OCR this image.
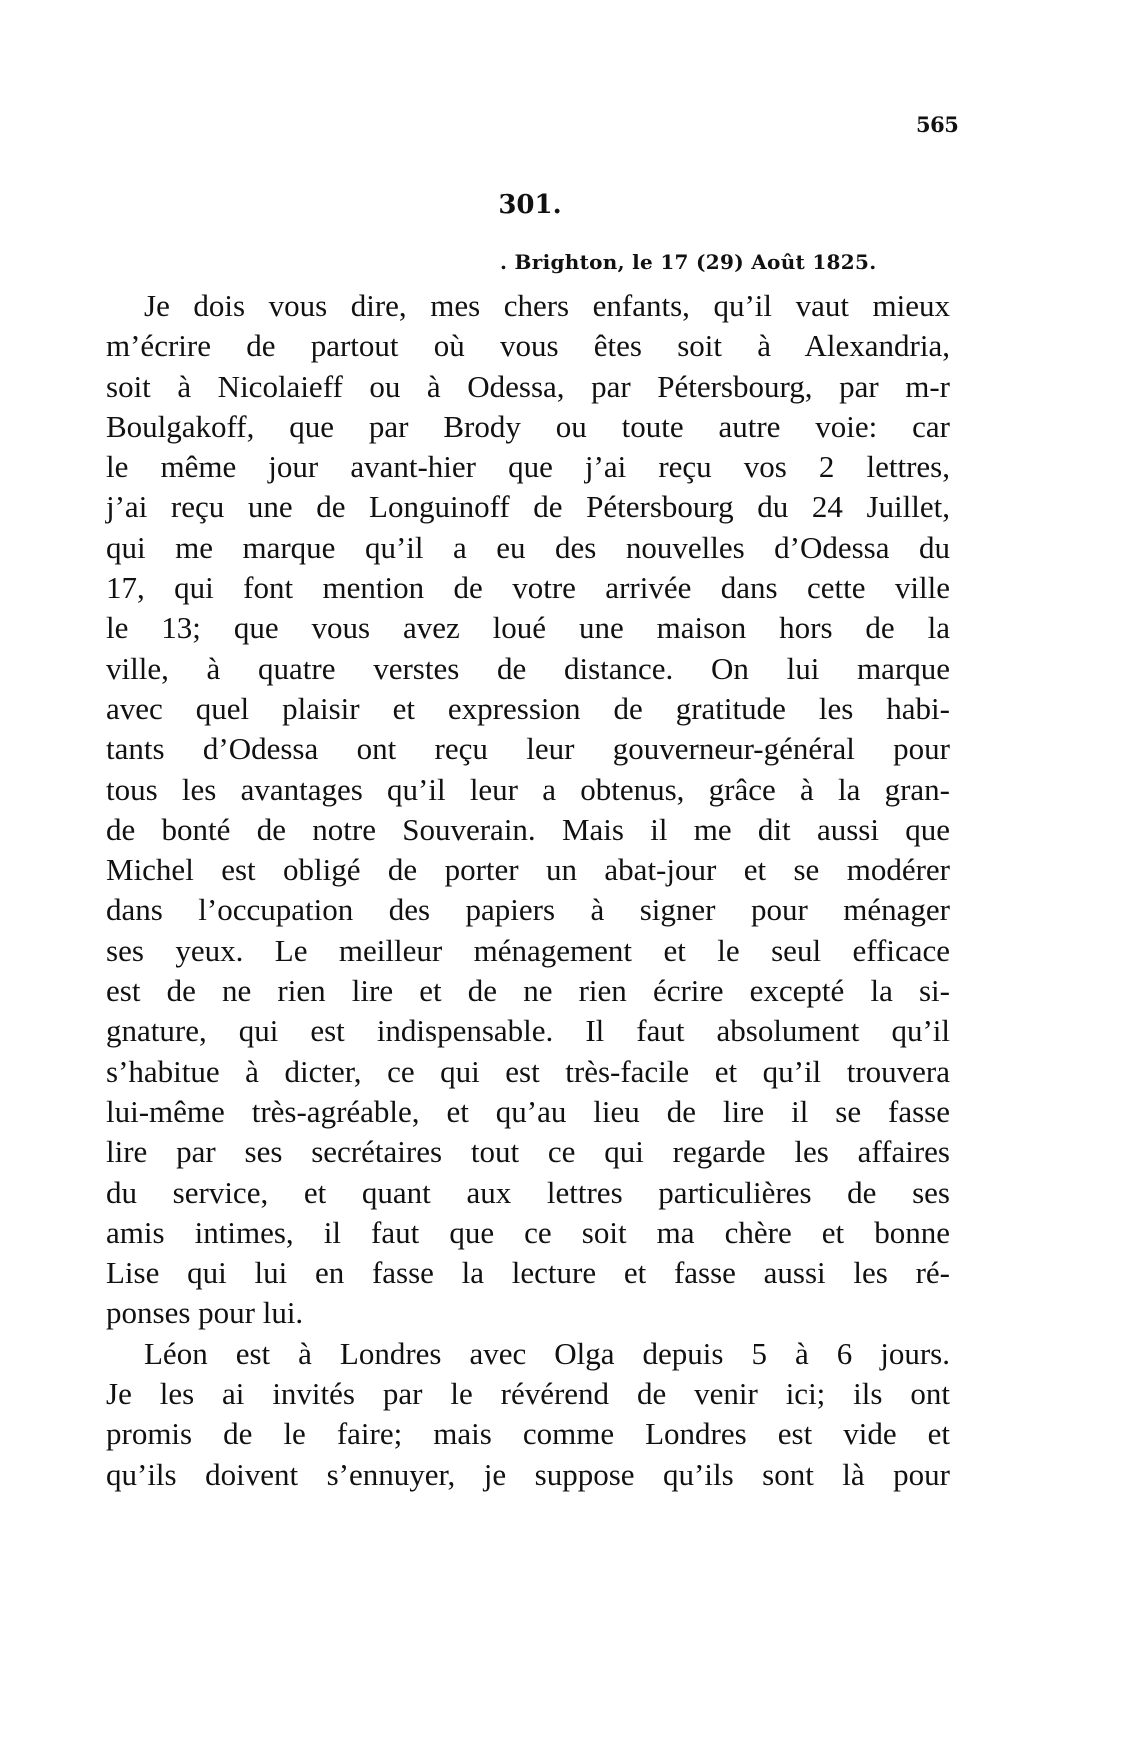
565
301.
. Brighton, le 17 (29) Août 1825.
Je dois vous dire, mes chers enfants, qu’il vaut mieux
m’écrire de partout où vous êtes soit à Alexandria,
soit à Nicolaieff ou à Odessa, par Pétersbourg, par m-r
Boulgakoff, que par Brody ou toute autre voie: car
le même jour avant-hier que j’ai reçu vos 2 lettres,
j’ai reçu une de Longuinoff de Pétersbourg du 24 Juillet,
qui me marque qu’il a eu des nouvelles d’Odessa du
17, qui font mention de votre arrivée dans cette ville
le 13; que vous avez loué une maison hors de la
ville, à quatre verstes de distance. On lui marque
avec quel plaisir et expression de gratitude les habi-
tants d’Odessa ont reçu leur gouverneur-général pour
tous les avantages qu’il leur a obtenus, grâce à la gran-
de bonté de notre Souverain. Mais il me dit aussi que
Michel est obligé de porter un abat-jour et se modérer
dans l’occupation des papiers à signer pour ménager
ses yeux. Le meilleur ménagement et le seul efficace
est de ne rien lire et de ne rien écrire excepté la si-
gnature, qui est indispensable. Il faut absolument qu’il
s’habitue à dicter, ce qui est très-facile et qu’il trouvera
lui-même très-agréable, et qu’au lieu de lire il se fasse
lire par ses secrétaires tout ce qui regarde les affaires
du service, et quant aux lettres particulières de ses
amis intimes, il faut que ce soit ma chère et bonne
Lise qui lui en fasse la lecture et fasse aussi les ré-
ponses pour lui.
Léon est à Londres avec Olga depuis 5 à 6 jours.
Je les ai invités par le révérend de venir ici; ils ont
promis de le faire; mais comme Londres est vide et
qu’ils doivent s’ennuyer, je suppose qu’ils sont là pour
